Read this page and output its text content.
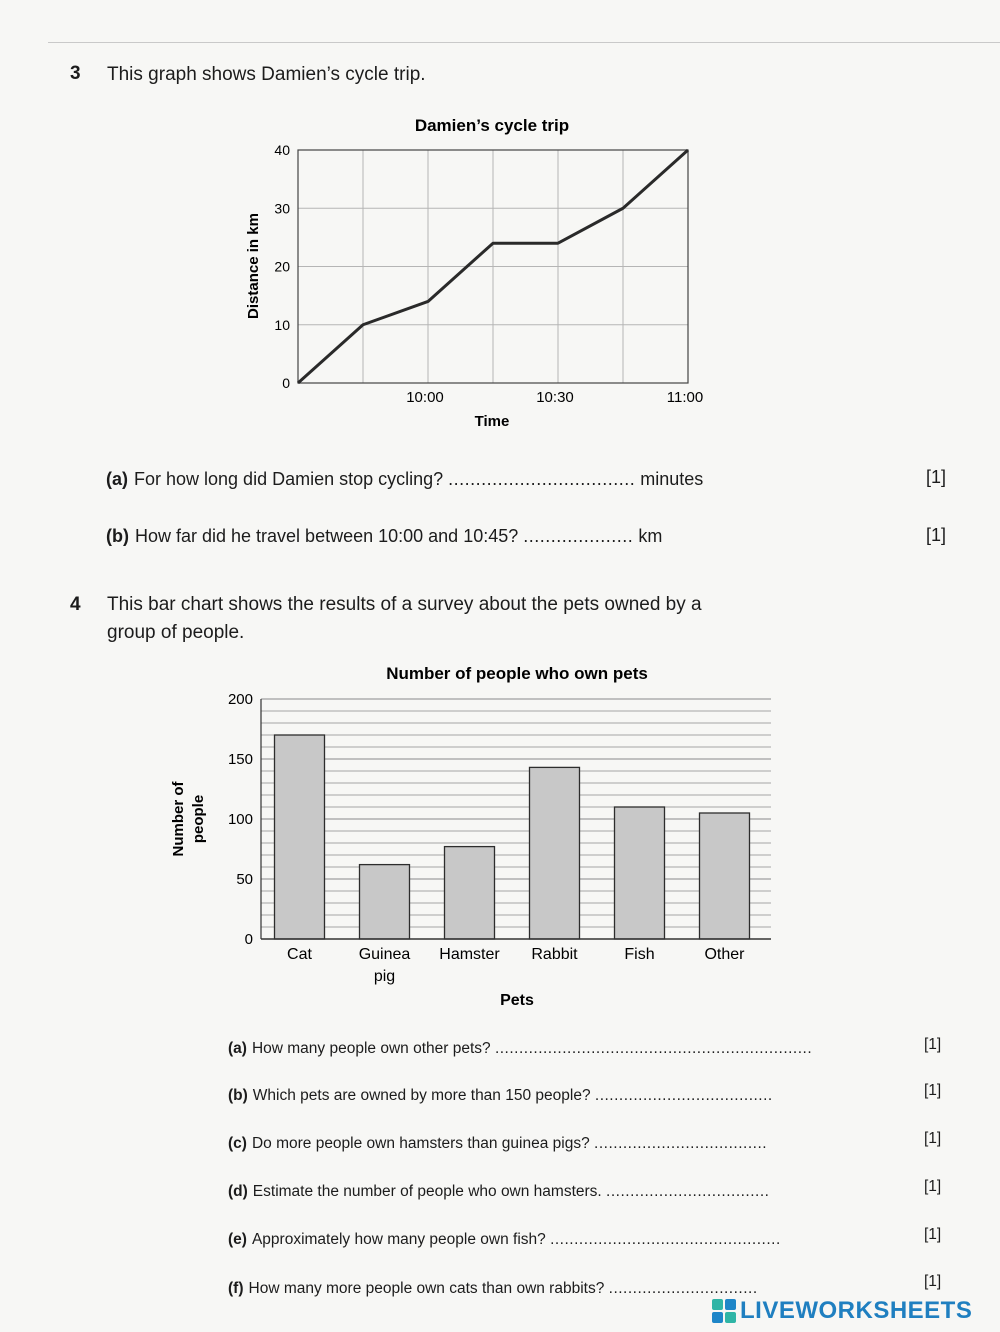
3 This graph shows Damien’s cycle trip.
Damien’s cycle trip
0
10
20
30
40
10:00	10:30	11:00
Distance in km
Time
(a) For how long did Damien stop cycling? .................................. minutes	[1]
(b) How far did he travel between 10:00 and 10:45? .................... km	[1]
4 This bar chart shows the results of a survey about the pets owned by a
group of people.
Number of people who own pets
0
50
100
150
200
Cat	Guinea
pig
Hamster Rabbit	Fish	Other
Number of people
Pets
(a) How many people own other pets? ..................................................................	[1]
(b) Which pets are owned by more than 150 people? .....................................	[1]
(c) Do more people own hamsters than guinea pigs? ....................................	[1]
(d) Estimate the number of people who own hamsters. ..................................	[1]
(e) Approximately how many people own fish? ................................................	[1]
(f) How many more people own cats than own rabbits? ...............................	[1]
LIVEWORKSHEETS
